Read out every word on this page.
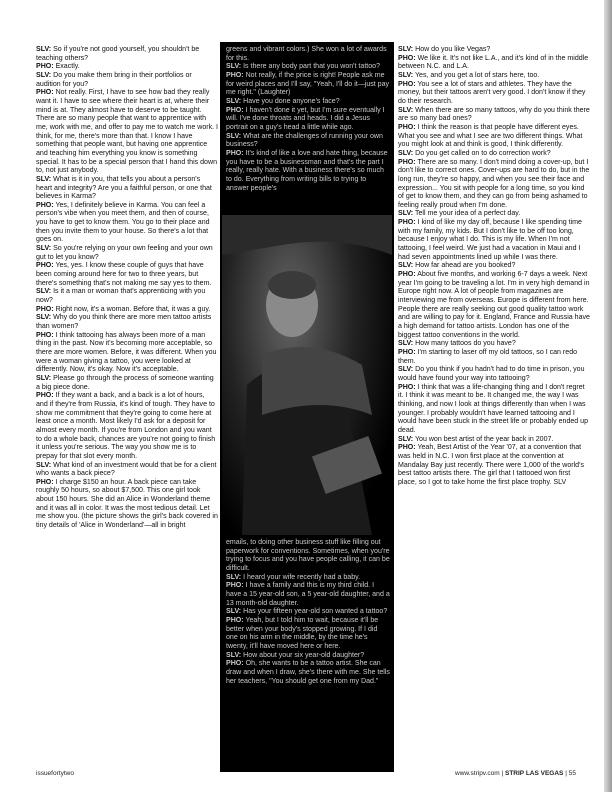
SLV: So if you're not good yourself, you shouldn't be teaching others?

PHO: Exactly.

SLV: Do you make them bring in their portfolios or audition for you?

PHO: Not really. First, I have to see how bad they really want it. I have to see where their heart is at, where their mind is at. They almost have to deserve to be taught. There are so many people that want to apprentice with me, work with me, and offer to pay me to watch me work. I think, for me, there's more than that. I know I have something that people want, but having one apprentice and teaching him everything you know is something special. It has to be a special person that I hand this down to, not just anybody.

SLV: What is it in you, that tells you about a person's heart and integrity? Are you a faithful person, or one that believes in Karma?

PHO: Yes, I definitely believe in Karma. You can feel a person's vibe when you meet them, and then of course, you have to get to know them. You go to their place and then you invite them to your house. So there's a lot that goes on.

SLV: So you're relying on your own feeling and your own gut to let you know?

PHO: Yes, yes. I know these couple of guys that have been coming around here for two to three years, but there's something that's not making me say yes to them.

SLV: Is it a man or woman that's apprenticing with you now?

PHO: Right now, it's a woman. Before that, it was a guy.

SLV: Why do you think there are more men tattoo artists than women?

PHO: I think tattooing has always been more of a man thing in the past. Now it's becoming more acceptable, so there are more women. Before, it was different. When you were a woman giving a tattoo, you were looked at differently. Now, it's okay. Now it's acceptable.

SLV: Please go through the process of someone wanting a big piece done.

PHO: If they want a back, and a back is a lot of hours, and if they're from Russia, it's kind of tough. They have to show me commitment that they're going to come here at least once a month. Most likely I'd ask for a deposit for almost every month. If you're from London and you want to do a whole back, chances are you're not going to finish it unless you're serious. The way you show me is to prepay for that slot every month.

SLV: What kind of an investment would that be for a client who wants a back piece?

PHO: I charge $150 an hour. A back piece can take roughly 50 hours, so about $7,500. This one girl took about 150 hours. She did an Alice in Wonderland theme and it was all in color. It was the most tedious detail. Let me show you. (the picture shows the girl's back covered in tiny details of 'Alice in Wonderland'—all in bright

greens and vibrant colors.) She won a lot of awards for this.

SLV: Is there any body part that you won't tattoo?

PHO: Not really, if the price is right! People ask me for weird places and I'll say, "Yeah, I'll do it—just pay me right." (Laughter)

SLV: Have you done anyone's face?

PHO: I haven't done it yet, but I'm sure eventually I will. I've done throats and heads. I did a Jesus portrait on a guy's head a little while ago.

SLV: What are the challenges of running your own business?

PHO: It's kind of like a love and hate thing, because you have to be a businessman and that's the part I really, really hate. With a business there's so much to do. Everything from writing bills to trying to answer people's

emails, to doing other business stuff like filling out paperwork for conventions. Sometimes, when you're trying to focus and you have people calling, it can be difficult.

SLV: I heard your wife recently had a baby.

PHO: I have a family and this is my third child. I have a 15 year-old son, a 5 year-old daughter, and a 13 month-old daughter.

SLV: Has your fifteen year-old son wanted a tattoo?

PHO: Yeah, but I told him to wait, because it'll be better when your body's stopped growing. If I did one on his arm in the middle, by the time he's twenty, it'll have moved here or here.

SLV: How about your six year-old daughter?

PHO: Oh, she wants to be a tattoo artist. She can draw and when I draw, she's there with me. She tells her teachers, "You should get one from my Dad."

SLV: How do you like Vegas?

PHO: We like it. It's not like L.A., and it's kind of in the middle between N.C. and L.A.

SLV: Yes, and you get a lot of stars here, too.

PHO: You see a lot of stars and athletes. They have the money, but their tattoos aren't very good. I don't know if they do their research.

SLV: When there are so many tattoos, why do you think there are so many bad ones?

PHO: I think the reason is that people have different eyes. What you see and what I see are two different things. What you might look at and think is good, I think differently.

SLV: Do you get called on to do correction work?

PHO: There are so many. I don't mind doing a cover-up, but I don't like to correct ones. Cover-ups are hard to do, but in the long run, they're so happy, and when you see their face and expression... You sit with people for a long time, so you kind of get to know them, and they can go from being ashamed to feeling really proud when I'm done.

SLV: Tell me your idea of a perfect day.

PHO: I kind of like my day off, because I like spending time with my family, my kids. But I don't like to be off too long, because I enjoy what I do. This is my life. When I'm not tattooing, I feel weird. We just had a vacation in Maui and I had seven appointments lined up while I was there.

SLV: How far ahead are you booked?

PHO: About five months, and working 6-7 days a week. Next year I'm going to be traveling a lot. I'm in very high demand in Europe right now. A lot of people from magazines are interviewing me from overseas. Europe is different from here. People there are really seeking out good quality tattoo work and are willing to pay for it. England, France and Russia have a high demand for tattoo artists. London has one of the biggest tattoo conventions in the world.

SLV: How many tattoos do you have?

PHO: I'm starting to laser off my old tattoos, so I can redo them.

SLV: Do you think if you hadn't had to do time in prison, you would have found your way into tattooing?

PHO: I think that was a life-changing thing and I don't regret it. I think it was meant to be. It changed me, the way I was thinking, and now I look at things differently than when I was younger. I probably wouldn't have learned tattooing and I would have been stuck in the street life or probably ended up dead.

SLV: You won best artist of the year back in 2007.

PHO: Yeah, Best Artist of the Year '07, at a convention that was held in N.C. I won first place at the convention at Mandalay Bay just recently. There were 1,000 of the world's best tattoo artists there. The girl that I tattooed won first place, so I got to take home the first place trophy. SLV

issuefortytwo	www.stripv.com | STRIP LAS VEGAS | 55
